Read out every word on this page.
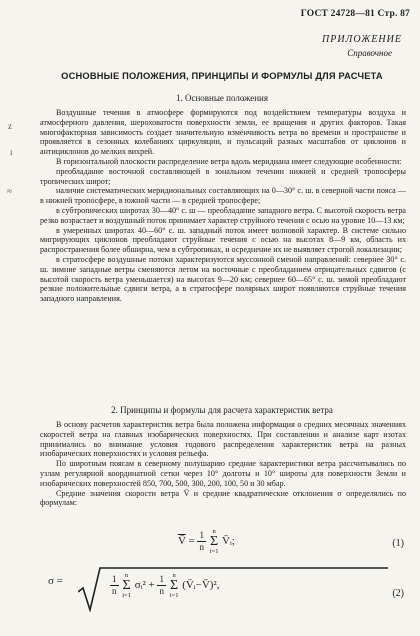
ГОСТ 24728—81 Стр. 87
ПРИЛОЖЕНИЕ
Справочное
z
ı
≈
ОСНОВНЫЕ ПОЛОЖЕНИЯ, ПРИНЦИПЫ И ФОРМУЛЫ ДЛЯ РАСЧЕТА
1. Основные положения

Воздушные течения в атмосфере формируются под воздействием температуры воздуха и атмосферного давления, шероховатости поверхности земли, ее вращения и других факторов. Такая многофакторная зависимость создает значительную изменчивость ветра во времени и пространстве и проявляется в сезонных колебаниях циркуляции, и пульсаций разных масштабов от циклонов и антициклонов до мелких вихрей.

В горизонтальной плоскости распределение ветра вдоль меридиана имеет следующие особенности:

преобладание восточной составляющей в зональном течении нижней и средней тропосферы тропических широт;

наличие систематических меридиональных составляющих на 0—30° с. ш. в северной части пояса — в нижней тропосфере, в южной части — в средней тропосфере;

в субтропических широтах 30—40° с. ш — преобладание западного ветра. С высотой скорость ветра резко возрастает и воздушный поток принимает характер струйного течения с осью на уровне 10—13 км;

в умеренных широтах 40—60° с. ш. западный поток имеет волновой характер. В системе сильно мигрирующих циклонов преобладают струйные течения с осью на высотах 8—9 км, область их распространения более обширна, чем в субтропиках, и осреднение их не выявляет строгой локализации;

в стратосфере воздушные потоки характеризуются муссонной сменой направлений: севернее 30° с. ш. зимние западные ветры сменяются летом на восточные с преобладанием отрицательных сдвигов (с высотой скорость ветра уменьшается) на высотах 9—20 км; севернее 60—65° с. ш. зимой преобладают резкие положительные сдвиги ветра, а в стратосфере полярных широт появляются струйные течения западного направления.

2. Принципы и формулы для расчета характеристик ветра

В основу расчетов характеристик ветра была положена информация о средних месячных значениях скоростей ветра на главных изобарических поверхностях. При составлении и анализе карт изотах принимались во внимание условия годового распределения характеристик ветра на разных изобарических поверхностях и условия рельефа.

По широтным поясам в северному полушарию средние характеристики ветра рассчитывались по узлам регулярной координатной сетки через 10° долготы и 10° широты для поверхности Земли и изобарических поверхностей 850, 700, 500, 300, 200, 100, 50 и 30 мбар.

Средние значения скорости ветра V̄ и средние квадратические отклонения σ определялись по формулам:

V̄ = $\frac{1}{n}$ n
Σ
i=1 V̄ᵢ;	(1)
σ =	$\frac{1}{n}$ n
Σ
i=1 σᵢ² + $\frac{1}{n}$ n
Σ
i=1 (V̄ᵢ−V̄)²,
(2)
